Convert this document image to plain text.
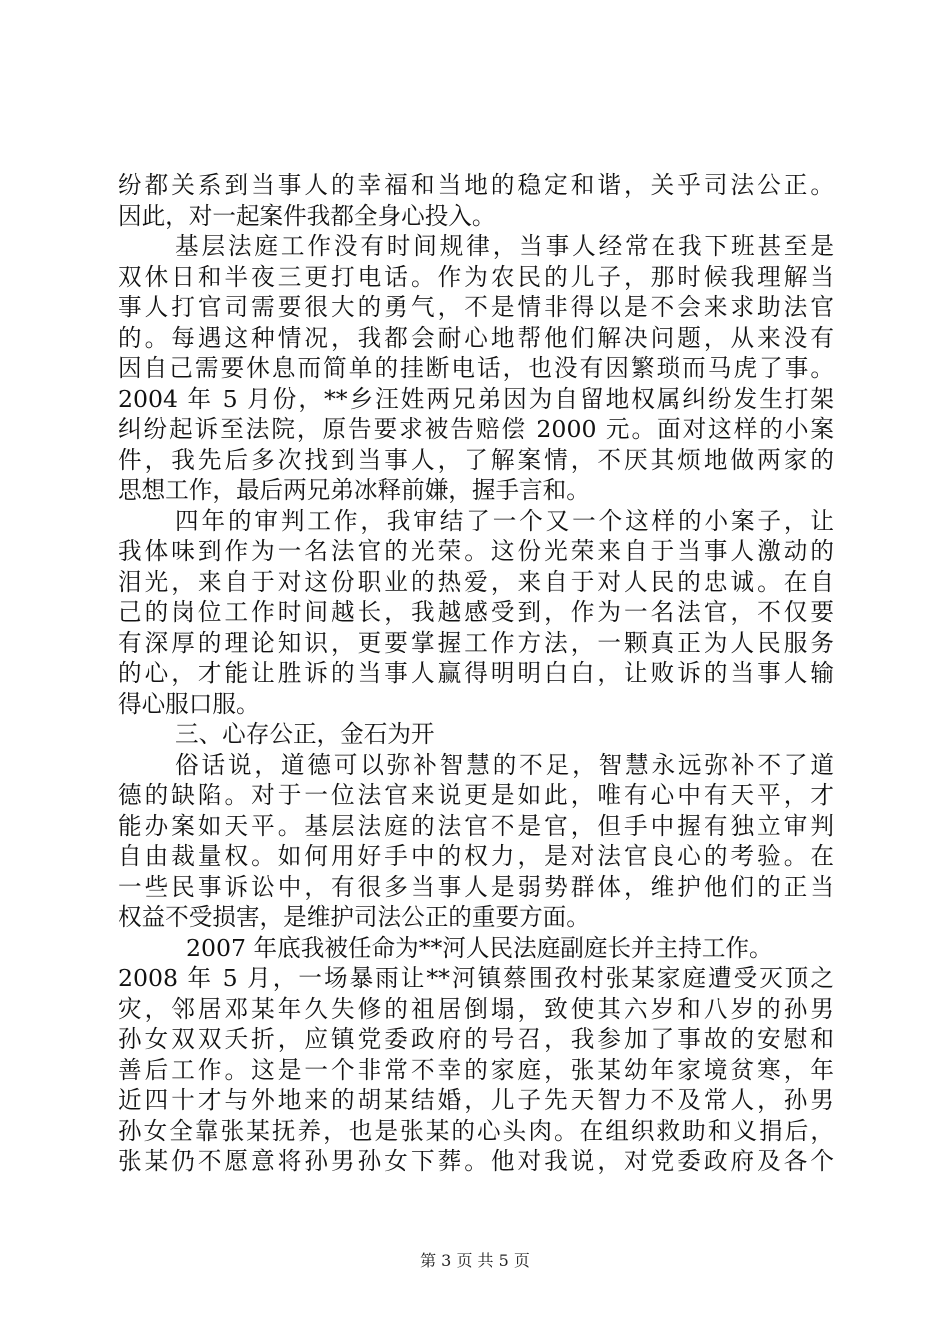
纷都关系到当事人的幸福和当地的稳定和谐，关乎司法公正。
因此，对一起案件我都全身心投入。
基层法庭工作没有时间规律，当事人经常在我下班甚至是
双休日和半夜三更打电话。作为农民的儿子，那时候我理解当
事人打官司需要很大的勇气，不是情非得以是不会来求助法官
的。每遇这种情况，我都会耐心地帮他们解决问题，从来没有
因自己需要休息而简单的挂断电话，也没有因繁琐而马虎了事。
2004 年 5 月份，**乡汪姓两兄弟因为自留地权属纠纷发生打架
纠纷起诉至法院，原告要求被告赔偿 2000 元。面对这样的小案
件，我先后多次找到当事人，了解案情，不厌其烦地做两家的
思想工作，最后两兄弟冰释前嫌，握手言和。
四年的审判工作，我审结了一个又一个这样的小案子，让
我体味到作为一名法官的光荣。这份光荣来自于当事人激动的
泪光，来自于对这份职业的热爱，来自于对人民的忠诚。在自
己的岗位工作时间越长，我越感受到，作为一名法官，不仅要
有深厚的理论知识，更要掌握工作方法，一颗真正为人民服务
的心，才能让胜诉的当事人赢得明明白白，让败诉的当事人输
得心服口服。
三、心存公正，金石为开
俗话说，道德可以弥补智慧的不足，智慧永远弥补不了道
德的缺陷。对于一位法官来说更是如此，唯有心中有天平，才
能办案如天平。基层法庭的法官不是官，但手中握有独立审判
自由裁量权。如何用好手中的权力，是对法官良心的考验。在
一些民事诉讼中，有很多当事人是弱势群体，维护他们的正当
权益不受损害，是维护司法公正的重要方面。
2007 年底我被任命为**河人民法庭副庭长并主持工作。
2008 年 5 月，一场暴雨让**河镇蔡围孜村张某家庭遭受灭顶之
灾，邻居邓某年久失修的祖居倒塌，致使其六岁和八岁的孙男
孙女双双夭折，应镇党委政府的号召，我参加了事故的安慰和
善后工作。这是一个非常不幸的家庭，张某幼年家境贫寒，年
近四十才与外地来的胡某结婚，儿子先天智力不及常人，孙男
孙女全靠张某抚养，也是张某的心头肉。在组织救助和义捐后，
张某仍不愿意将孙男孙女下葬。他对我说，对党委政府及各个
第 3 页 共 5 页
